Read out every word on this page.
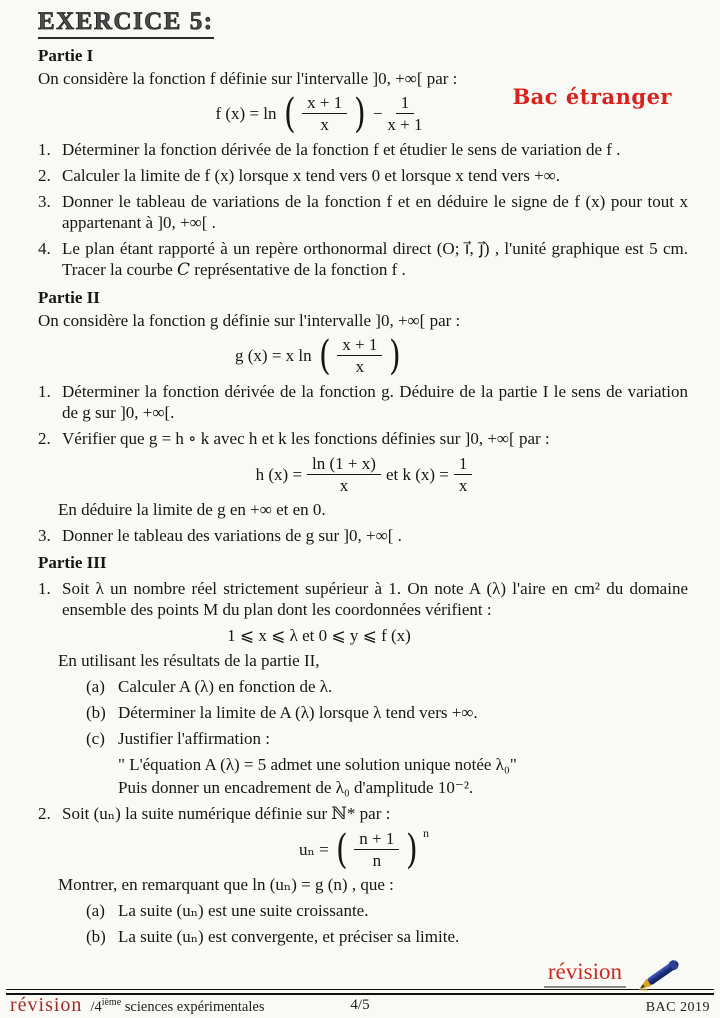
EXERCICE 5:
Bac étranger
Partie I
On considère la fonction f définie sur l'intervalle ]0, +∞[ par :
f (x) = ln ( $\frac{x + 1}{x}$ ) − $\frac{1}{x + 1}$
1. Déterminer la fonction dérivée de la fonction f et étudier le sens de variation de f .
2. Calculer la limite de f (x) lorsque x tend vers 0 et lorsque x tend vers +∞.
3. Donner le tableau de variations de la fonction f et en déduire le signe de f (x) pour tout x appartenant à ]0, +∞[ .
4. Le plan étant rapporté à un repère orthonormal direct (O; ı⃗, ȷ⃗) , l'unité graphique est 5 cm. Tracer la courbe C représentative de la fonction f .
Partie II
On considère la fonction g définie sur l'intervalle ]0, +∞[ par :
g (x) = x ln ( $\frac{x + 1}{x}$ )
1. Déterminer la fonction dérivée de la fonction g. Déduire de la partie I le sens de variation de g sur ]0, +∞[.
2. Vérifier que g = h ∘ k avec h et k les fonctions définies sur ]0, +∞[ par :
h $(x) = \frac{\ln (1 + x)}{x}$ et k $(x) = \frac{1}{x}$
En déduire la limite de g en +∞ et en 0.
3. Donner le tableau des variations de g sur ]0, +∞[ .
Partie III
1. Soit λ un nombre réel strictement supérieur à 1. On note A (λ) l'aire en cm² du domaine ensemble des points M du plan dont les coordonnées vérifient :
1 ⩽ x ⩽ λ et 0 ⩽ y ⩽ f (x)
En utilisant les résultats de la partie II,
(a) Calculer A (λ) en fonction de λ.
(b) Déterminer la limite de A (λ) lorsque λ tend vers +∞.
(c) Justifier l'affirmation :
" L'équation A (λ) = 5 admet une solution unique notée λ₀"
Puis donner un encadrement de λ₀ d'amplitude 10⁻².
2. Soit (uₙ) la suite numérique définie sur ℕ* par :
uₙ = ( $\frac{n + 1}{n}$ ) n
Montrer, en remarquant que ln (uₙ) = g (n) , que :
(a) La suite (uₙ) est une suite croissante.
(b) La suite (uₙ) est convergente, et préciser sa limite.
révision
révision /4ième sciences expérimentales	4/5	BAC 2019
